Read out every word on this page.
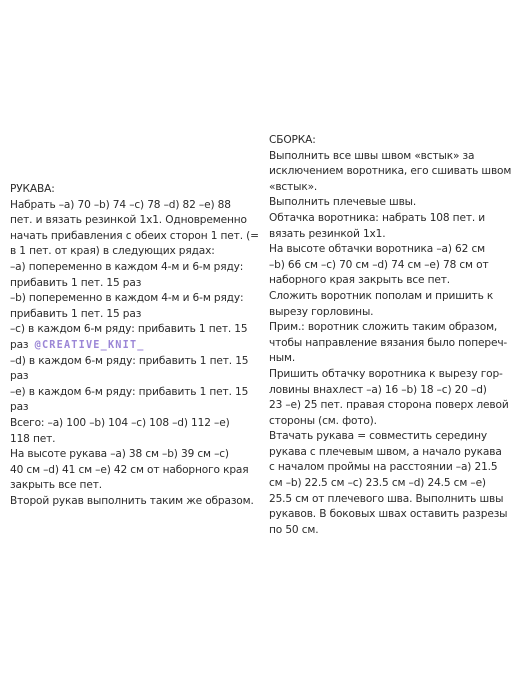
РУКАВА:

Набрать –а) 70 –b) 74 –с) 78 –d) 82 –е) 88

пет. и вязать резинкой 1х1. Одновременно

начать прибавления с обеих сторон 1 пет. (=

в 1 пет. от края) в следующих рядах:

–а) попеременно в каждом 4-м и 6-м ряду:

прибавить 1 пет. 15 раз

–b) попеременно в каждом 4-м и 6-м ряду:

прибавить 1 пет. 15 раз

–с) в каждом 6-м ряду: прибавить 1 пет. 15

раз @CREATIVE_KNIT_

–d) в каждом 6-м ряду: прибавить 1 пет. 15

раз

–е) в каждом 6-м ряду: прибавить 1 пет. 15

раз

Всего: –а) 100 –b) 104 –с) 108 –d) 112 –е)

118 пет.

На высоте рукава –а) 38 см –b) 39 см –с)

40 см –d) 41 см –е) 42 см от наборного края

закрыть все пет.

Второй рукав выполнить таким же образом.

СБОРКА:

Выполнить все швы швом «встык» за

исключением воротника, его сшивать швом

«встык».

Выполнить плечевые швы.

Обтачка воротника: набрать 108 пет. и

вязать резинкой 1х1.

На высоте обтачки воротника –а) 62 см

–b) 66 см –с) 70 см –d) 74 см –е) 78 см от

наборного края закрыть все пет.

Сложить воротник пополам и пришить к

вырезу горловины.

Прим.: воротник сложить таким образом,

чтобы направление вязания было попереч-

ным.

Пришить обтачку воротника к вырезу гор-

ловины внахлест –а) 16 –b) 18 –с) 20 –d)

23 –е) 25 пет. правая сторона поверх левой

стороны (см. фото).

Втачать рукава = совместить середину

рукава с плечевым швом, а начало рукава

с началом проймы на расстоянии –а) 21.5

см –b) 22.5 см –с) 23.5 см –d) 24.5 см –е)

25.5 см от плечевого шва. Выполнить швы

рукавов. В боковых швах оставить разрезы

по 50 см.
